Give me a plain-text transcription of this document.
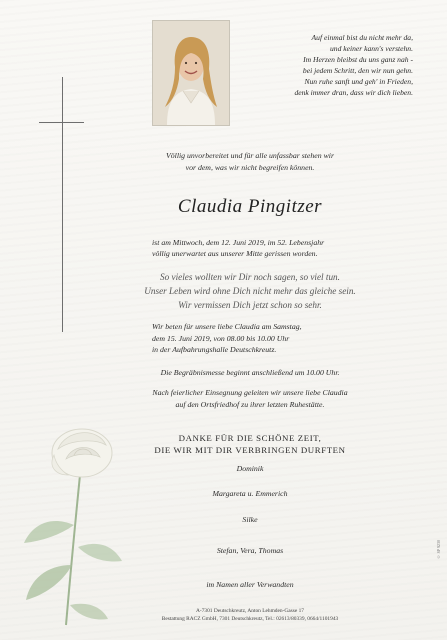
Auf einmal bist du nicht mehr da,
und keiner kann's verstehn.
Im Herzen bleibst du uns ganz nah -
bei jedem Schritt, den wir nun gehn.
Nun ruhe sanft und geh' in Frieden,
denk immer dran, dass wir dich lieben.
Völlig unvorbereitet und für alle unfassbar stehen wir
vor dem, was wir nicht begreifen können.
Claudia Pingitzer
ist am Mittwoch, dem 12. Juni 2019, im 52. Lebensjahr
völlig unerwartet aus unserer Mitte gerissen worden.
So vieles wollten wir Dir noch sagen, so viel tun.
Unser Leben wird ohne Dich nicht mehr das gleiche sein.
Wir vermissen Dich jetzt schon so sehr.
Wir beten für unsere liebe Claudia am Samstag,
dem 15. Juni 2019, von 08.00 bis 10.00 Uhr
in der Aufbahrungshalle Deutschkreutz.
Die Begräbnismesse beginnt anschließend um 10.00 Uhr.
Nach feierlicher Einsegnung geleiten wir unsere liebe Claudia
auf den Ortsfriedhof zu ihrer letzten Ruhestätte.
DANKE FÜR DIE SCHÖNE ZEIT,
DIE WIR MIT DIR VERBRINGEN DURFTEN
Dominik
Margareta u. Emmerich
Silke
Stefan, Vera, Thomas
im Namen aller Verwandten
A-7301 Deutschkreutz, Anton Lehmden-Gasse 17
Bestattung RACZ GmbH, 7301 Deutschkreutz, Tel.: 02613/80339, 0664/1101943
© SP 9230
